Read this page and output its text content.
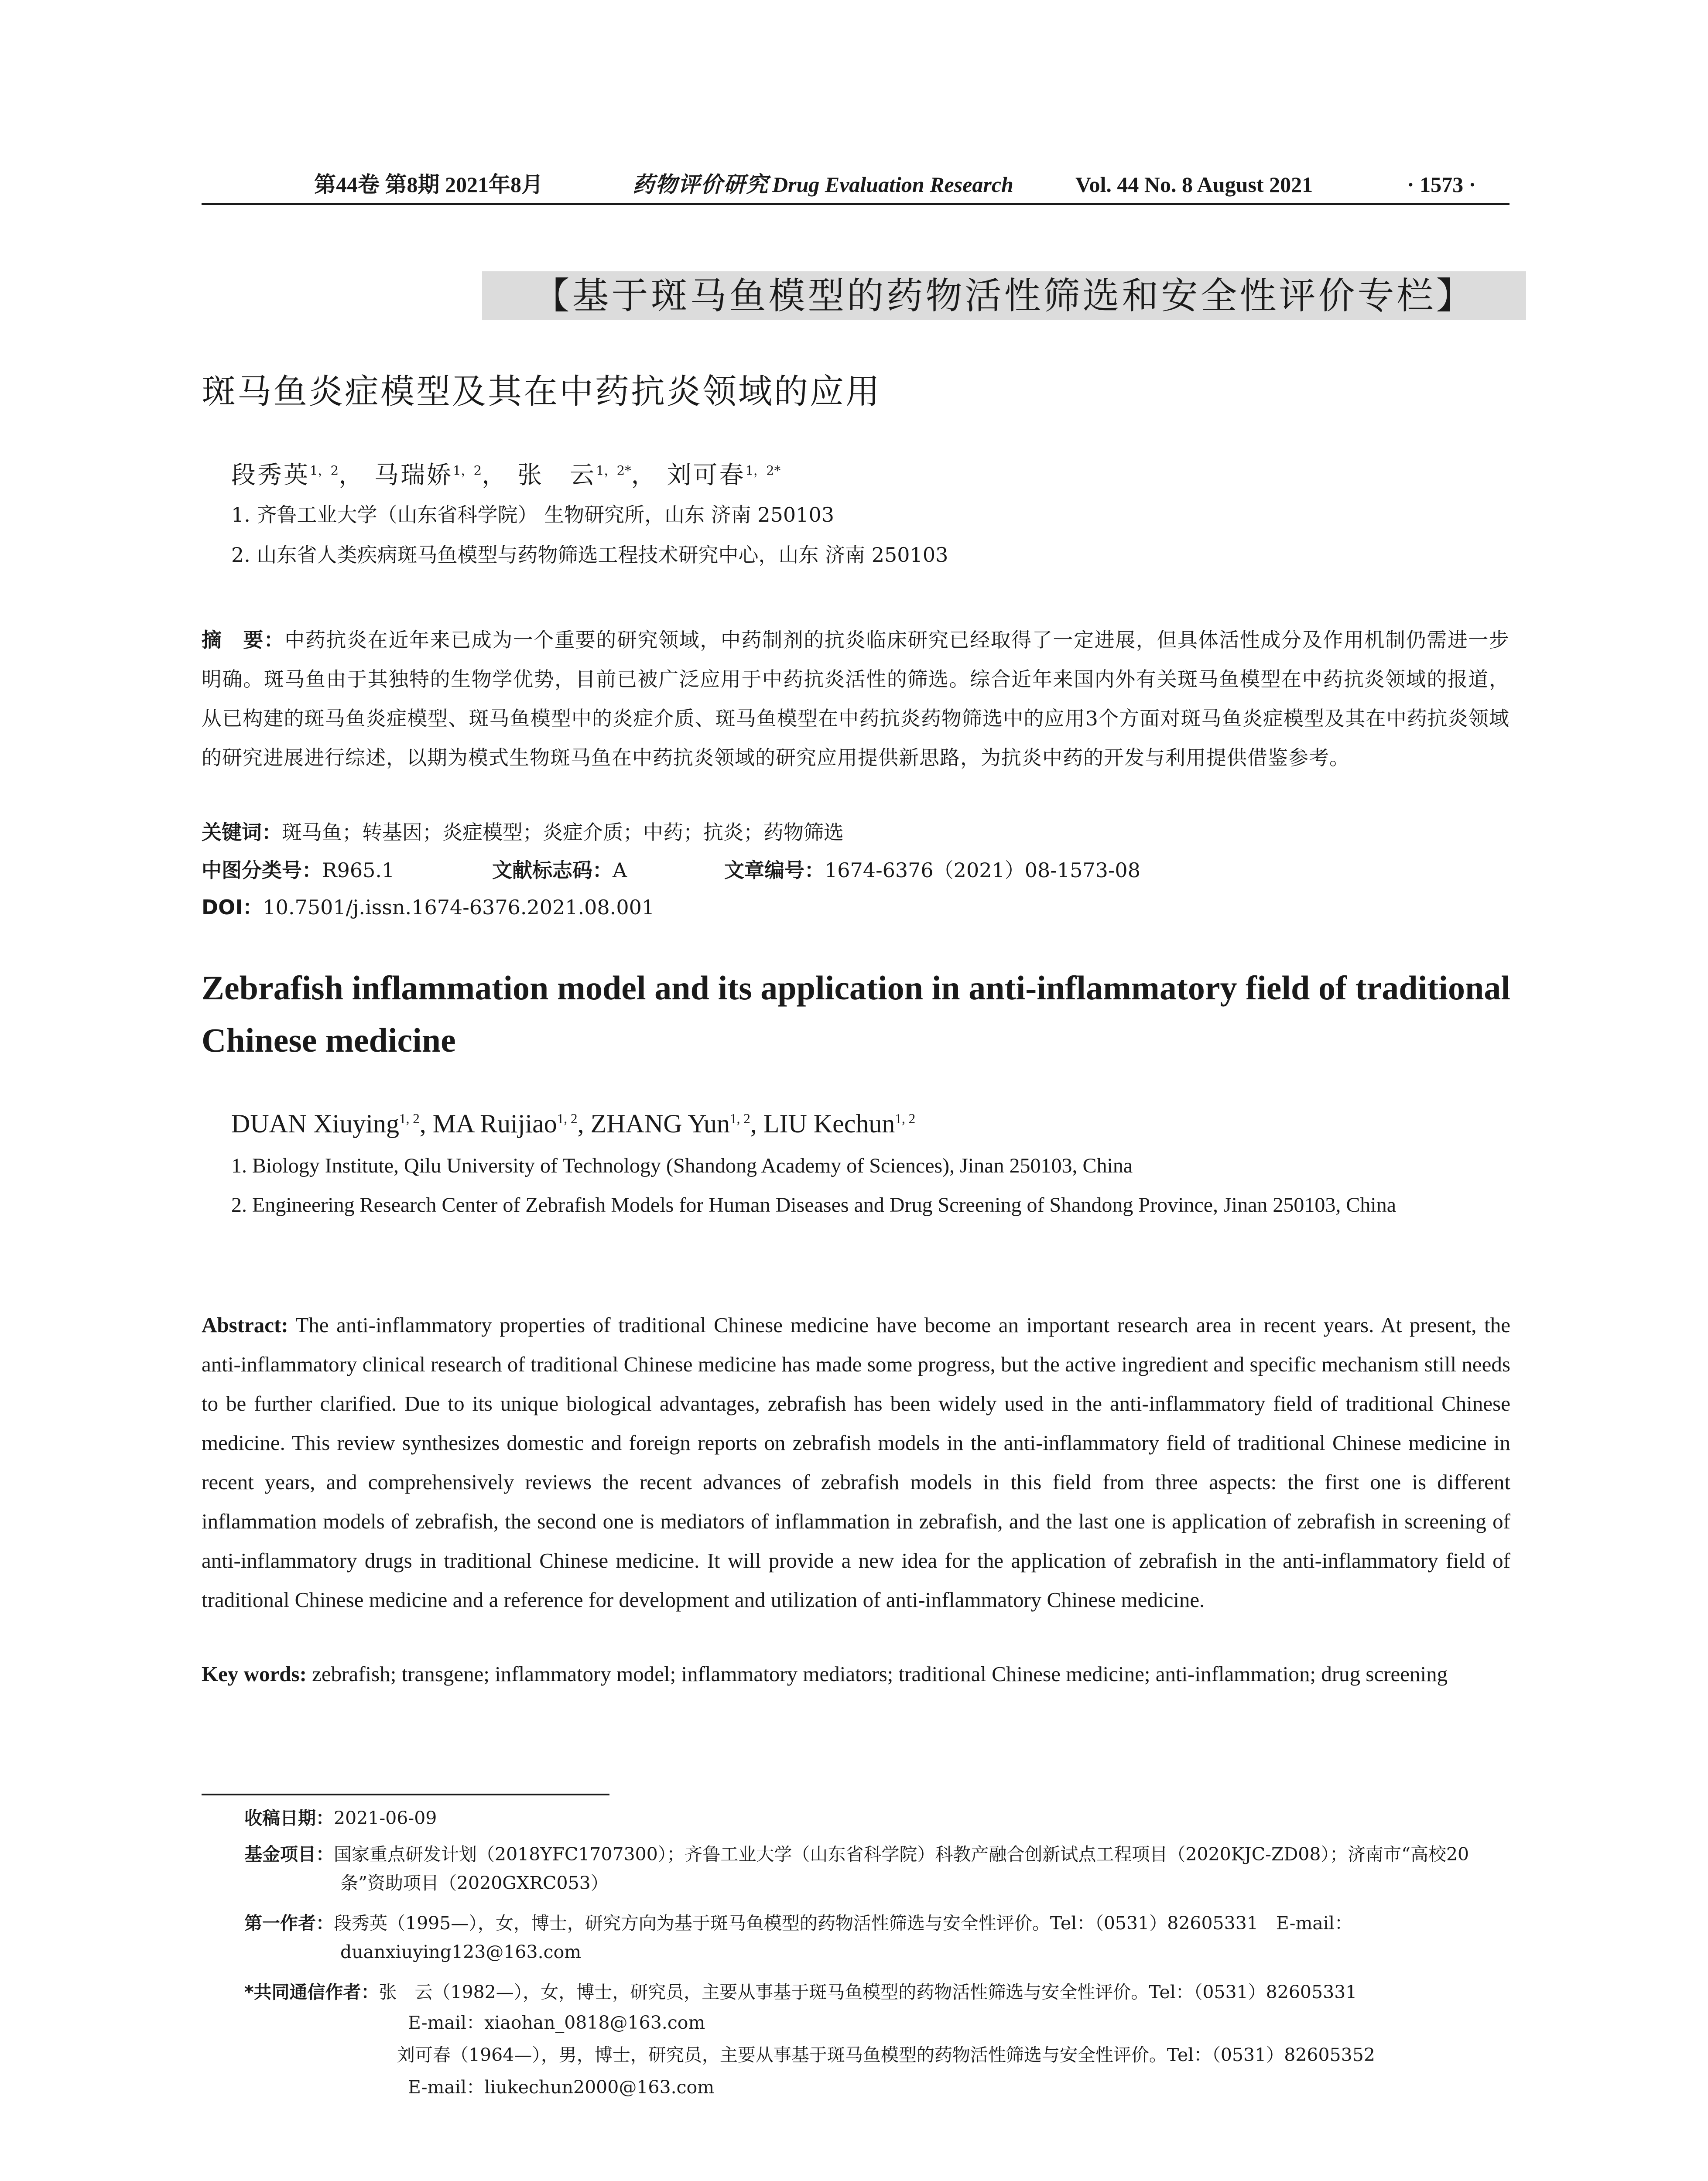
第44卷 第8期 2021年8月	药物评价研究 Drug Evaluation Research	Vol. 44 No. 8 August 2021	· 1573 ·
【基于斑马鱼模型的药物活性筛选和安全性评价专栏】
斑马鱼炎症模型及其在中药抗炎领域的应用
段秀英$^{1,2}$， 马瑞娇$^{1,2}$， 张　云$^{1,2*}$， 刘可春$^{1,2*}$
1. 齐鲁工业大学（山东省科学院） 生物研究所，山东 济南 250103
2. 山东省人类疾病斑马鱼模型与药物筛选工程技术研究中心，山东 济南 250103
摘　要：中药抗炎在近年来已成为一个重要的研究领域，中药制剂的抗炎临床研究已经取得了一定进展，但具体活性成分及作用机制仍需进一步明确。斑马鱼由于其独特的生物学优势，目前已被广泛应用于中药抗炎活性的筛选。综合近年来国内外有关斑马鱼模型在中药抗炎领域的报道，从已构建的斑马鱼炎症模型、斑马鱼模型中的炎症介质、斑马鱼模型在中药抗炎药物筛选中的应用3个方面对斑马鱼炎症模型及其在中药抗炎领域的研究进展进行综述，以期为模式生物斑马鱼在中药抗炎领域的研究应用提供新思路，为抗炎中药的开发与利用提供借鉴参考。
关键词：斑马鱼；转基因；炎症模型；炎症介质；中药；抗炎；药物筛选
中图分类号：R965.1	文献标志码：A	文章编号：1674-6376（2021）08-1573-08
DOI：10.7501/j.issn.1674-6376.2021.08.001
Zebrafish inflammation model and its application in anti-inflammatory field of traditional Chinese medicine
DUAN Xiuying$^{1, 2}$, MA Ruijiao$^{1, 2}$, ZHANG Yun$^{1, 2}$, LIU Kechun$^{1, 2}$
1. Biology Institute, Qilu University of Technology (Shandong Academy of Sciences), Jinan 250103, China
2. Engineering Research Center of Zebrafish Models for Human Diseases and Drug Screening of Shandong Province, Jinan 250103, China
Abstract: The anti-inflammatory properties of traditional Chinese medicine have become an important research area in recent years. At present, the anti-inflammatory clinical research of traditional Chinese medicine has made some progress, but the active ingredient and specific mechanism still needs to be further clarified. Due to its unique biological advantages, zebrafish has been widely used in the anti-inflammatory field of traditional Chinese medicine. This review synthesizes domestic and foreign reports on zebrafish models in the anti-inflammatory field of traditional Chinese medicine in recent years, and comprehensively reviews the recent advances of zebrafish models in this field from three aspects: the first one is different inflammation models of zebrafish, the second one is mediators of inflammation in zebrafish, and the last one is application of zebrafish in screening of anti-inflammatory drugs in traditional Chinese medicine. It will provide a new idea for the application of zebrafish in the anti-inflammatory field of traditional Chinese medicine and a reference for development and utilization of anti-inflammatory Chinese medicine.
Key words: zebrafish; transgene; inflammatory model; inflammatory mediators; traditional Chinese medicine; anti-inflammation; drug screening
收稿日期：2021-06-09
基金项目：国家重点研发计划（2018YFC1707300）；齐鲁工业大学（山东省科学院）科教产融合创新试点工程项目（2020KJC-ZD08）；济南市“高校20条”资助项目（2020GXRC053）
第一作者：段秀英（1995—），女，博士，研究方向为基于斑马鱼模型的药物活性筛选与安全性评价。Tel：（0531）82605331　E-mail：duanxiuying123@163.com
*共同通信作者：张　云（1982—），女，博士，研究员，主要从事基于斑马鱼模型的药物活性筛选与安全性评价。Tel：（0531）82605331
E-mail：xiaohan_0818@163.com
刘可春（1964—），男，博士，研究员，主要从事基于斑马鱼模型的药物活性筛选与安全性评价。Tel：（0531）82605352
E-mail：liukechun2000@163.com
